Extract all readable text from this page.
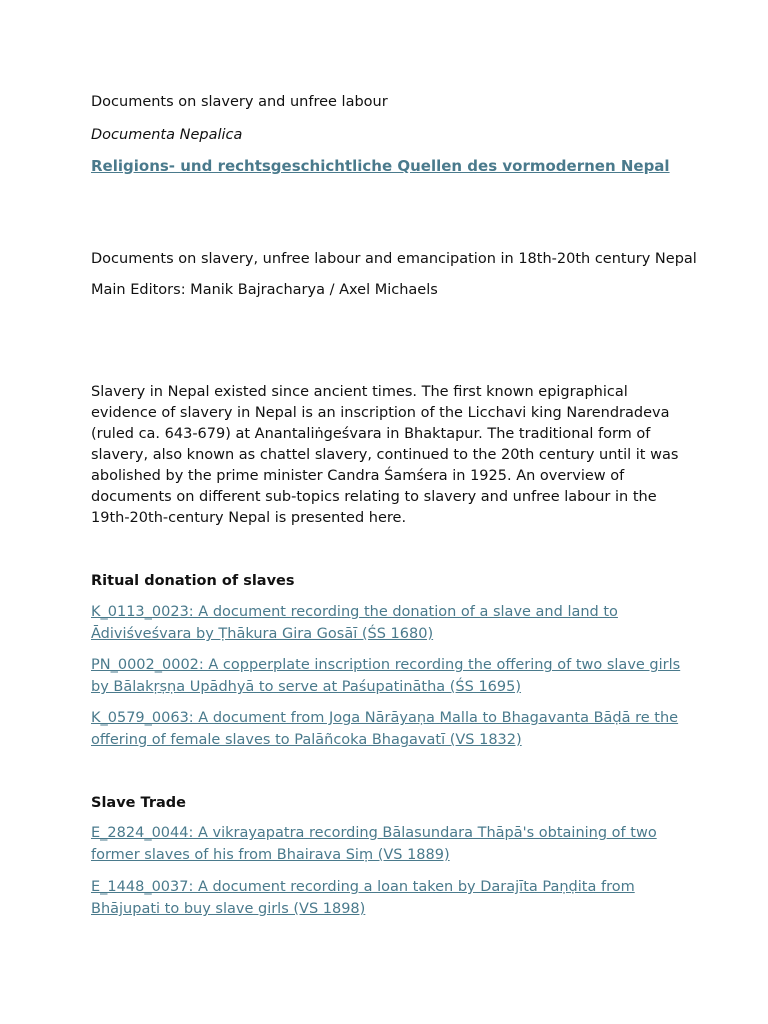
Documents on slavery and unfree labour
Documenta Nepalica
Religions- und rechtsgeschichtliche Quellen des vormodernen Nepal
Documents on slavery, unfree labour and emancipation in 18th-20th century Nepal
Main Editors: Manik Bajracharya / Axel Michaels

Slavery in Nepal existed since ancient times. The first known epigraphical evidence of slavery in Nepal is an inscription of the Licchavi king Narendradeva (ruled ca. 643-679) at Anantaliṅgeśvara in Bhaktapur. The traditional form of slavery, also known as chattel slavery, continued to the 20th century until it was abolished by the prime minister Candra Śamśera in 1925. An overview of documents on different sub-topics relating to slavery and unfree labour in the 19th-20th-century Nepal is presented here.

Ritual donation of slaves

K_0113_0023: A document recording the donation of a slave and land to Ādiviśveśvara by Ṭhākura Gira Gosāī (ŚS 1680)

PN_0002_0002: A copperplate inscription recording the offering of two slave girls by Bālakṛṣṇa Upādhyā to serve at Paśupatinātha (ŚS 1695)

K_0579_0063: A document from Joga Nārāyaṇa Malla to Bhagavanta Bāḍā re the offering of female slaves to Palāñcoka Bhagavatī (VS 1832)

Slave Trade

E_2824_0044: A vikrayapatra recording Bālasundara Thāpā's obtaining of two former slaves of his from Bhairava Siṃ (VS 1889)

E_1448_0037: A document recording a loan taken by Darajīta Paṇḍita from Bhājupati to buy slave girls (VS 1898)
